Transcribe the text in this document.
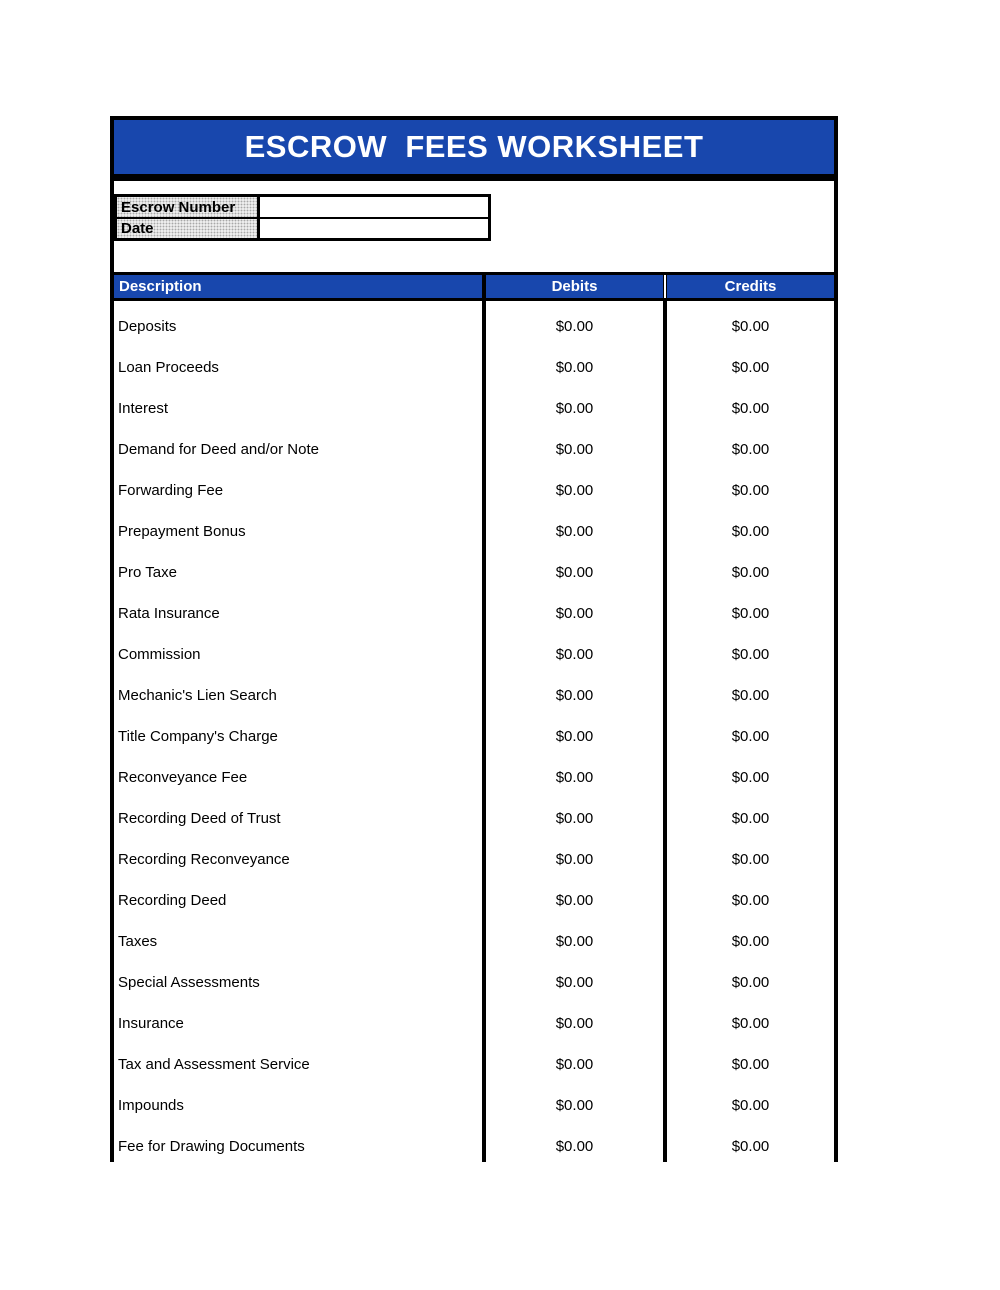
ESCROW  FEES WORKSHEET
Escrow Number
Date
Description	Debits	Credits
Deposits	$0.00	$0.00
Loan Proceeds	$0.00	$0.00
Interest	$0.00	$0.00
Demand for Deed and/or Note	$0.00	$0.00
Forwarding Fee	$0.00	$0.00
Prepayment Bonus	$0.00	$0.00
Pro Taxe	$0.00	$0.00
Rata Insurance	$0.00	$0.00
Commission	$0.00	$0.00
Mechanic's Lien Search	$0.00	$0.00
Title Company's Charge	$0.00	$0.00
Reconveyance Fee	$0.00	$0.00
Recording Deed of Trust	$0.00	$0.00
Recording Reconveyance	$0.00	$0.00
Recording Deed	$0.00	$0.00
Taxes	$0.00	$0.00
Special Assessments	$0.00	$0.00
Insurance	$0.00	$0.00
Tax and Assessment Service	$0.00	$0.00
Impounds	$0.00	$0.00
Fee for Drawing Documents	$0.00	$0.00
